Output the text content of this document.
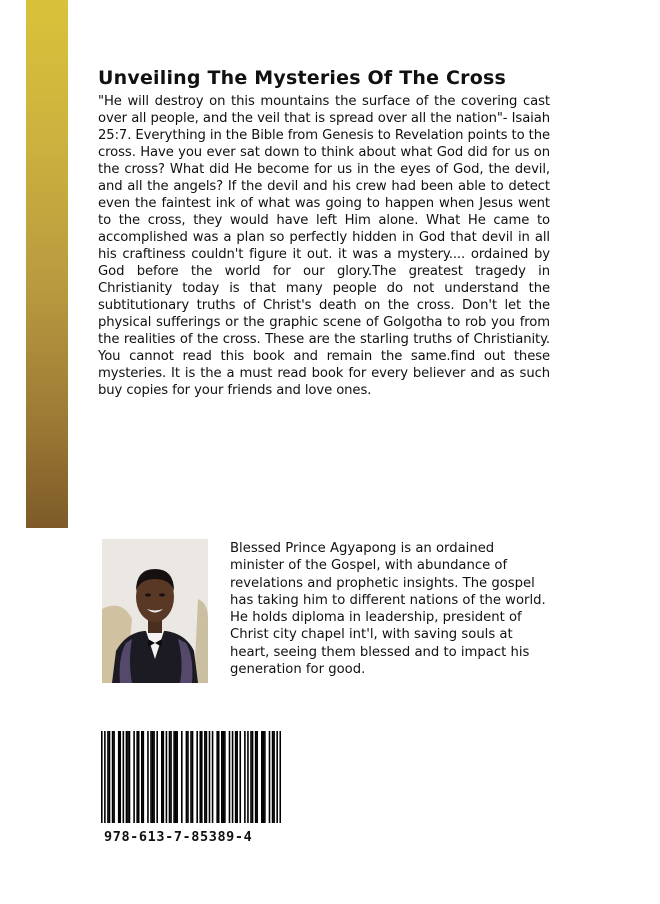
Unveiling The Mysteries Of The Cross

"He will destroy on this mountains the surface of the covering cast over all people, and the veil that is spread over all the nation"- Isaiah 25:7. Everything in the Bible from Genesis to Revelation points to the cross. Have you ever sat down to think about what God did for us on the cross? What did He become for us in the eyes of God, the devil, and all the angels? If the devil and his crew had been able to detect even the faintest ink of what was going to happen when Jesus went to the cross, they would have left Him alone. What He came to accomplished was a plan so perfectly hidden in God that devil in all his craftiness couldn't figure it out. it was a mystery.... ordained by God before the world for our glory.The greatest tragedy in Christianity today is that many people do not understand the subtitutionary truths of Christ's death on the cross. Don't let the physical sufferings or the graphic scene of Golgotha to rob you from the realities of the cross. These are the starling truths of Christianity. You cannot read this book and remain the same.find out these mysteries. It is the a must read book for every believer and as such buy copies for your friends and love ones.

Blessed Prince Agyapong is an ordained minister of the Gospel, with abundance of revelations and prophetic insights. The gospel has taking him to different nations of the world. He holds diploma in leadership, president of Christ city chapel int'l, with saving souls at heart, seeing them blessed and to impact his generation for good.

978-613-7-85389-4
